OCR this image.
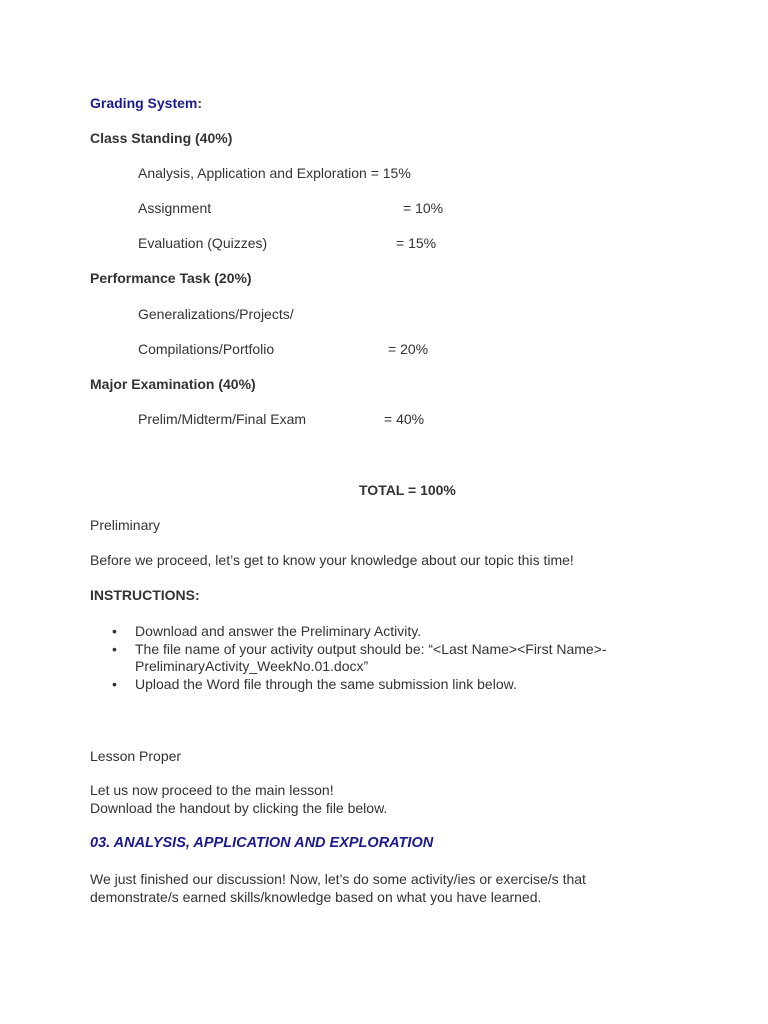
Grading System:
Class Standing (40%)
Analysis, Application and Exploration = 15%
Assignment	= 10%
Evaluation (Quizzes)	= 15%
Performance Task (20%)
Generalizations/Projects/
Compilations/Portfolio	= 20%
Major Examination (40%)
Prelim/Midterm/Final Exam	= 40%
TOTAL = 100%
Preliminary
Before we proceed, let’s get to know your knowledge about our topic this time!
INSTRUCTIONS:
• Download and answer the Preliminary Activity.
• The file name of your activity output should be: “<Last Name><First Name>-PreliminaryActivity_WeekNo.01.docx”
• Upload the Word file through the same submission link below.
Lesson Proper
Let us now proceed to the main lesson!
Download the handout by clicking the file below.
03. ANALYSIS, APPLICATION AND EXPLORATION
We just finished our discussion! Now, let’s do some activity/ies or exercise/s that demonstrate/s earned skills/knowledge based on what you have learned.
